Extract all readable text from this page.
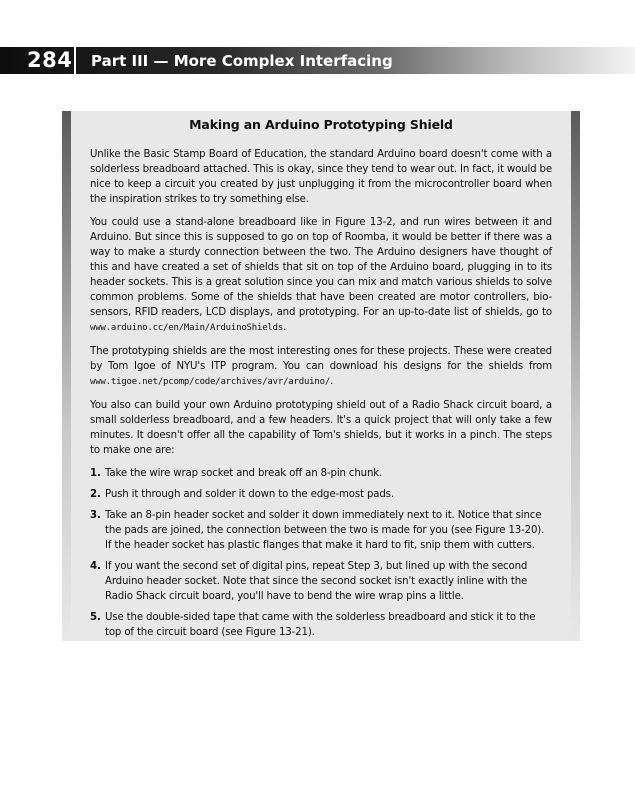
284 Part III — More Complex Interfacing
Making an Arduino Prototyping Shield

Unlike the Basic Stamp Board of Education, the standard Arduino board doesn't come with a solderless breadboard attached. This is okay, since they tend to wear out. In fact, it would be nice to keep a circuit you created by just unplugging it from the microcontroller board when the inspiration strikes to try something else.

You could use a stand-alone breadboard like in Figure 13-2, and run wires between it and Arduino. But since this is supposed to go on top of Roomba, it would be better if there was a way to make a sturdy connection between the two. The Arduino designers have thought of this and have created a set of shields that sit on top of the Arduino board, plugging in to its header sockets. This is a great solution since you can mix and match various shields to solve common problems. Some of the shields that have been created are motor controllers, bio-sensors, RFID readers, LCD displays, and prototyping. For an up-to-date list of shields, go to www.arduino.cc/en/Main/ArduinoShields.

The prototyping shields are the most interesting ones for these projects. These were created by Tom Igoe of NYU's ITP program. You can download his designs for the shields from www.tigoe.net/pcomp/code/archives/avr/arduino/.

You also can build your own Arduino prototyping shield out of a Radio Shack circuit board, a small solderless breadboard, and a few headers. It's a quick project that will only take a few minutes. It doesn't offer all the capability of Tom's shields, but it works in a pinch. The steps to make one are:

1. Take the wire wrap socket and break off an 8-pin chunk.
2. Push it through and solder it down to the edge-most pads.
3. Take an 8-pin header socket and solder it down immediately next to it. Notice that since the pads are joined, the connection between the two is made for you (see Figure 13-20). If the header socket has plastic flanges that make it hard to fit, snip them with cutters.
4. If you want the second set of digital pins, repeat Step 3, but lined up with the second Arduino header socket. Note that since the second socket isn't exactly inline with the Radio Shack circuit board, you'll have to bend the wire wrap pins a little.
5. Use the double-sided tape that came with the solderless breadboard and stick it to the top of the circuit board (see Figure 13-21).
